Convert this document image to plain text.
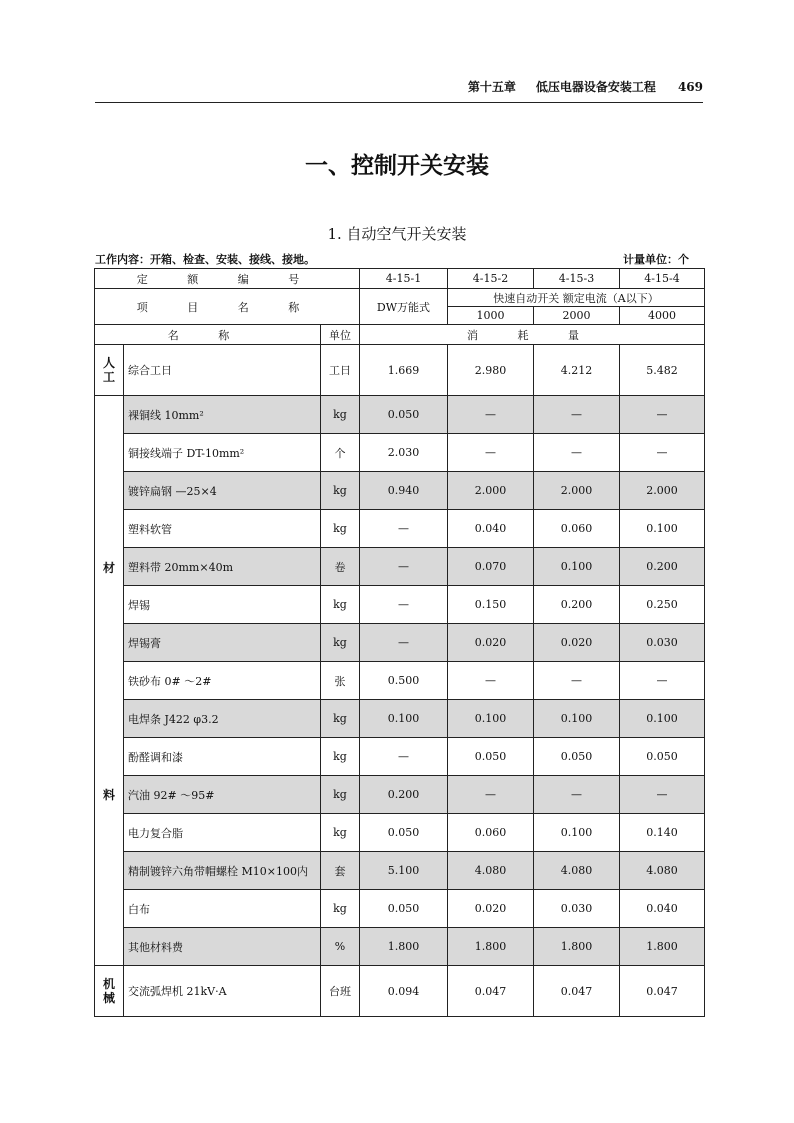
第十五章 低压电器设备安装工程 469
一、控制开关安装
1. 自动空气开关安装
工作内容：开箱、检查、安装、接线、接地。	计量单位：个
定 额 编 号			4-15-1	4-15-2	4-15-3	4-15-4
项 目 名 称			DW万能式	快速自动开关 额定电流（A以下）		
				1000	2000	4000
名 称		单位	消 耗 量			

人
工	综合工日	工日	1.669	2.980	4.212	5.482

材
料	裸铜线 10mm²	kg	0.050	—	—	—
	铜接线端子 DT-10mm²	个	2.030	—	—	—
	镀锌扁钢 —25×4	kg	0.940	2.000	2.000	2.000
	塑料软管	kg	—	0.040	0.060	0.100
	塑料带 20mm×40m	卷	—	0.070	0.100	0.200
	焊锡	kg	—	0.150	0.200	0.250
	焊锡膏	kg	—	0.020	0.020	0.030
	铁砂布 0# ～2#	张	0.500	—	—	—
	电焊条 J422 φ3.2	kg	0.100	0.100	0.100	0.100
	酚醛调和漆	kg	—	0.050	0.050	0.050
	汽油 92# ～95#	kg	0.200	—	—	—
	电力复合脂	kg	0.050	0.060	0.100	0.140
	精制镀锌六角带帽螺栓 M10×100内	套	5.100	4.080	4.080	4.080
	白布	kg	0.050	0.020	0.030	0.040
	其他材料费	%	1.800	1.800	1.800	1.800

机
械	交流弧焊机 21kV·A	台班	0.094	0.047	0.047	0.047
